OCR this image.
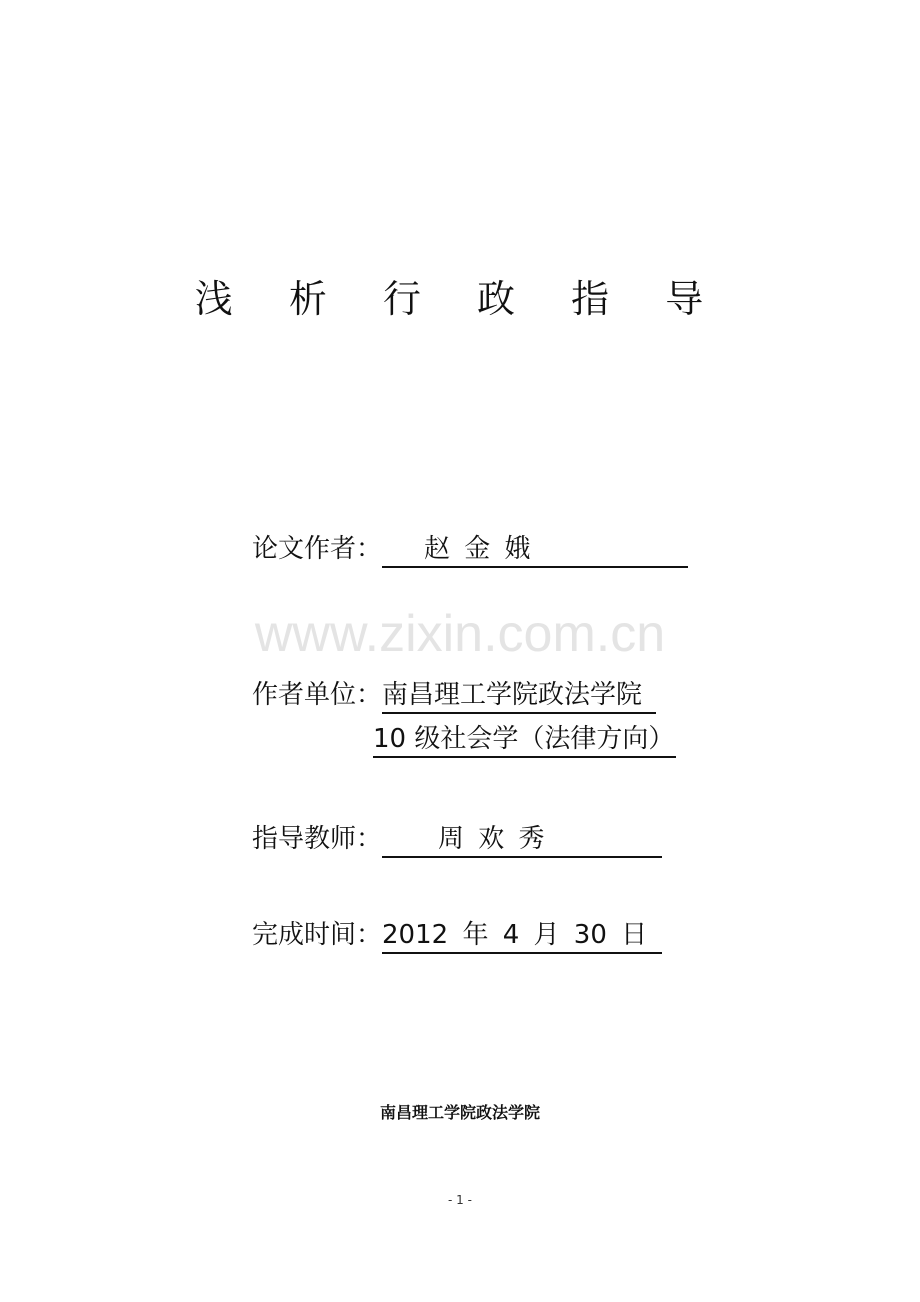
浅 析 行 政 指 导
论文作者： 赵 金 娥
www.zixin.com.cn
作者单位：南昌理工学院政法学院
10 级社会学（法律方向）
指导教师： 周 欢 秀
完成时间：2012 年 4 月 30 日
南昌理工学院政法学院
- 1 -
